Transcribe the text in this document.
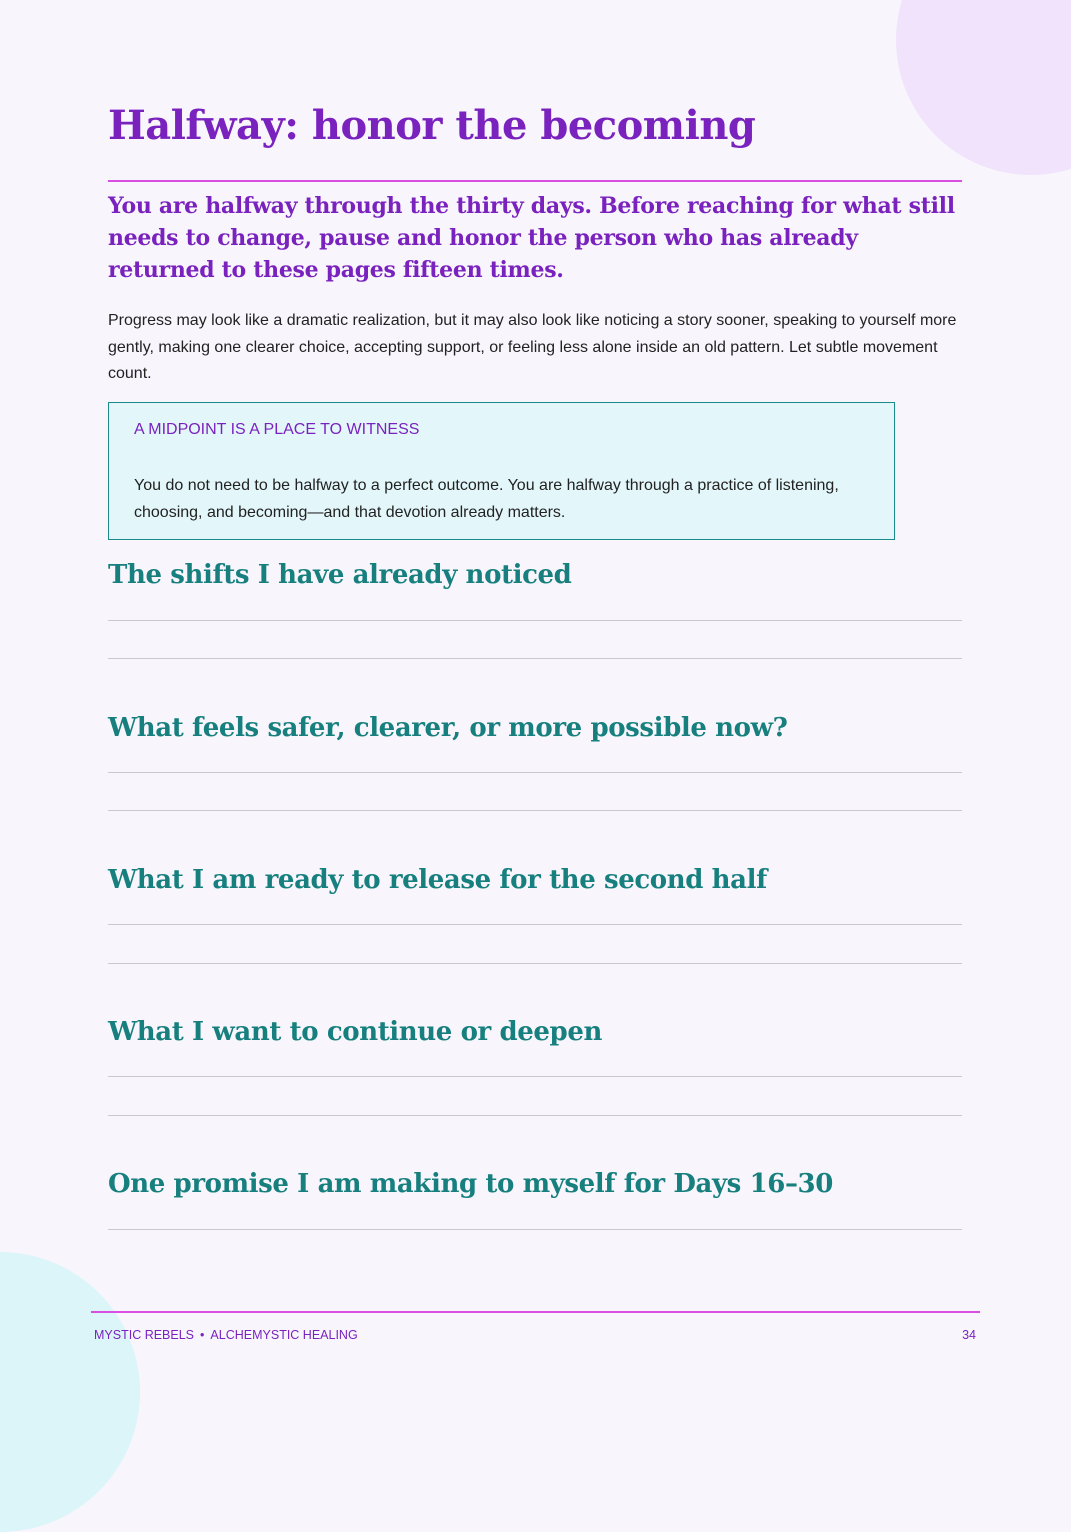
Halfway: honor the becoming

You are halfway through the thirty days. Before reaching for what still needs to change, pause and honor the person who has already returned to these pages fifteen times.

Progress may look like a dramatic realization, but it may also look like noticing a story sooner, speaking to yourself more gently, making one clearer choice, accepting support, or feeling less alone inside an old pattern. Let subtle movement count.

A MIDPOINT IS A PLACE TO WITNESS

You do not need to be halfway to a perfect outcome. You are halfway through a practice of listening, choosing, and becoming—and that devotion already matters.

The shifts I have already noticed
What feels safer, clearer, or more possible now?
What I am ready to release for the second half
What I want to continue or deepen
One promise I am making to myself for Days 16–30
MYSTIC REBELS • ALCHEMYSTIC HEALING	34
